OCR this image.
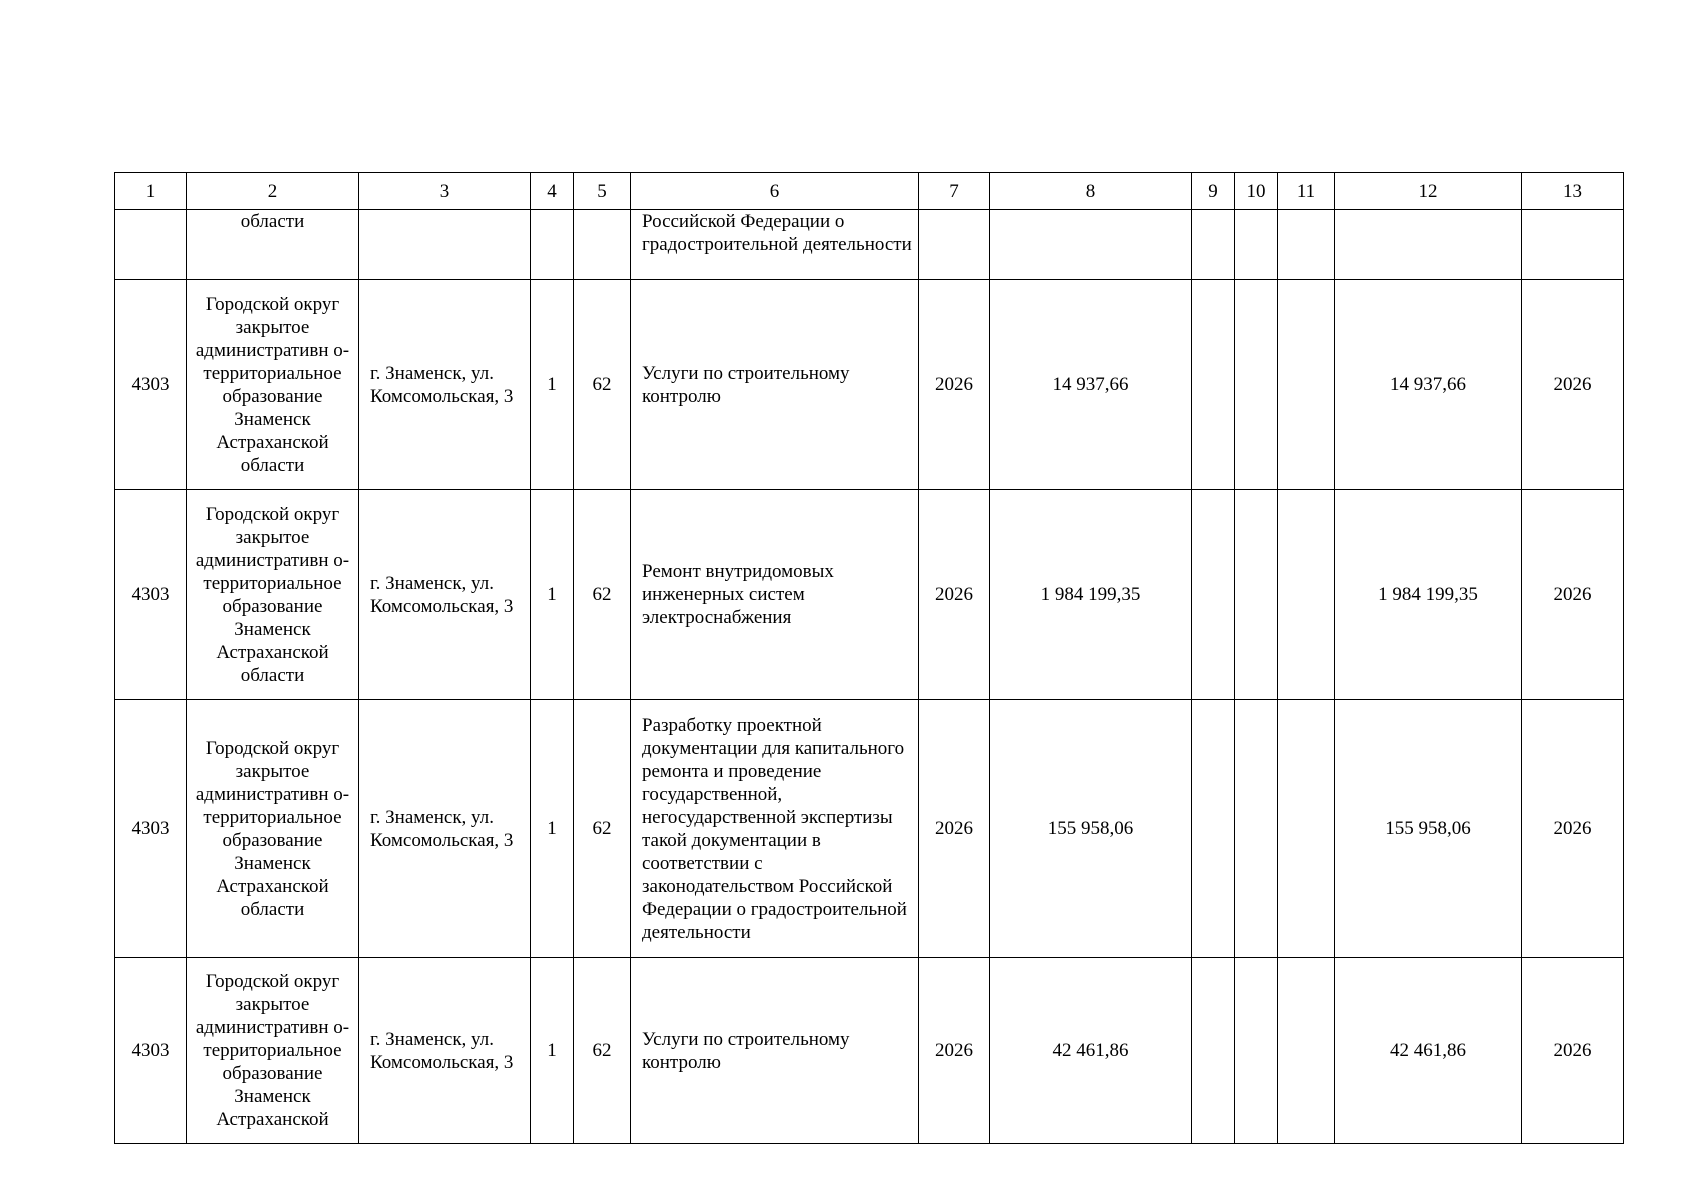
1	2	3	4	5	6	7	8	9	10	11	12	13
	области				Российской Федерации о градостроительной деятельности							
4303	Городской округ закрытое административн о-территориальное образование Знаменск Астраханской области	г. Знаменск, ул. Комсомольская, 3	1	62	Услуги по строительному контролю	2026	14 937,66				14 937,66	2026
4303	Городской округ закрытое административн о-территориальное образование Знаменск Астраханской области	г. Знаменск, ул. Комсомольская, 3	1	62	Ремонт внутридомовых инженерных систем электроснабжения	2026	1 984 199,35				1 984 199,35	2026
4303	Городской округ закрытое административн о-территориальное образование Знаменск Астраханской области	г. Знаменск, ул. Комсомольская, 3	1	62	Разработку проектной документации для капитального ремонта и проведение государственной, негосударственной экспертизы такой документации в соответствии с законодательством Российской Федерации о градостроительной деятельности	2026	155 958,06				155 958,06	2026
4303	Городской округ закрытое административн о-территориальное образование Знаменск Астраханской	г. Знаменск, ул. Комсомольская, 3	1	62	Услуги по строительному контролю	2026	42 461,86				42 461,86	2026
